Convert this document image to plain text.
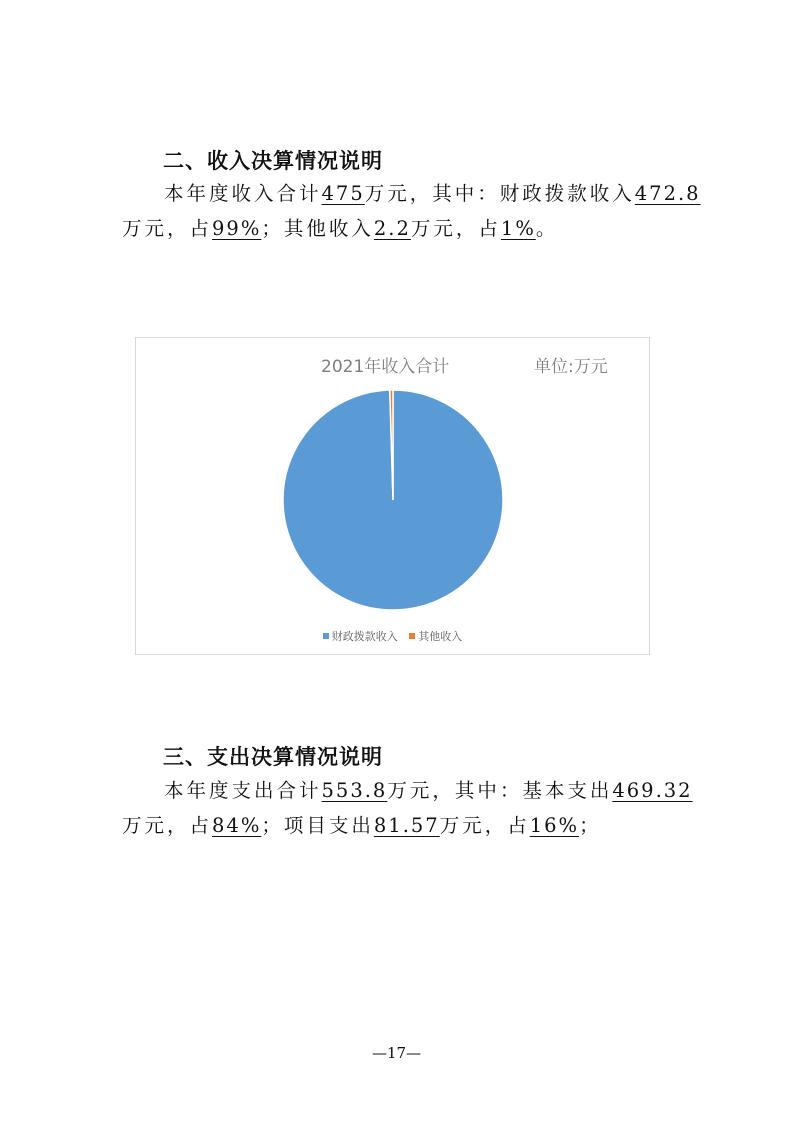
二、收入决算情况说明
本年度收入合计475万元，其中：财政拨款收入472.8
万元，占99%；其他收入2.2万元，占1%。
2021年收入合计	单位:万元
财政拨款收入 其他收入
三、支出决算情况说明
本年度支出合计553.8万元，其中：基本支出469.32
万元，占84%；项目支出81.57万元，占16%；
—17—
